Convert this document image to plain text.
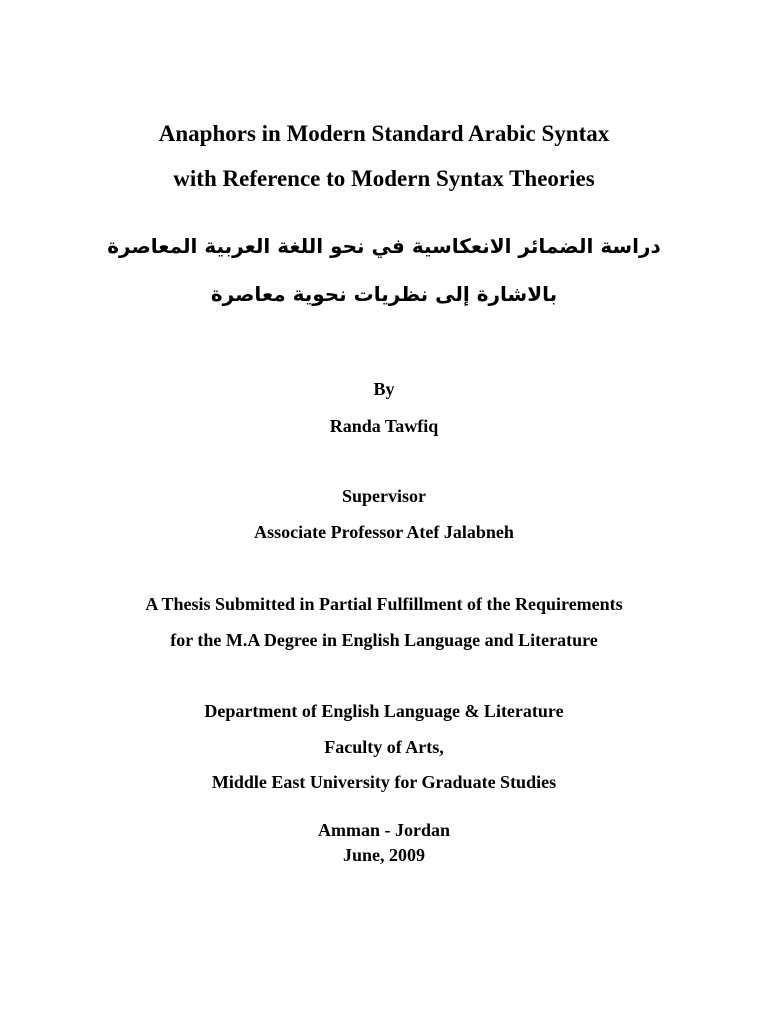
Anaphors in Modern Standard Arabic Syntax
with Reference to Modern Syntax Theories
دراسة الضمائر الانعكاسية في نحو اللغة العربية المعاصرة
بالاشارة إلى نظريات نحوية معاصرة
By
Randa Tawfiq
Supervisor
Associate Professor Atef Jalabneh
A Thesis Submitted in Partial Fulfillment of the Requirements
for the M.A Degree in English Language and Literature
Department of English Language & Literature
Faculty of Arts,
Middle East University for Graduate Studies
Amman - Jordan
June, 2009
